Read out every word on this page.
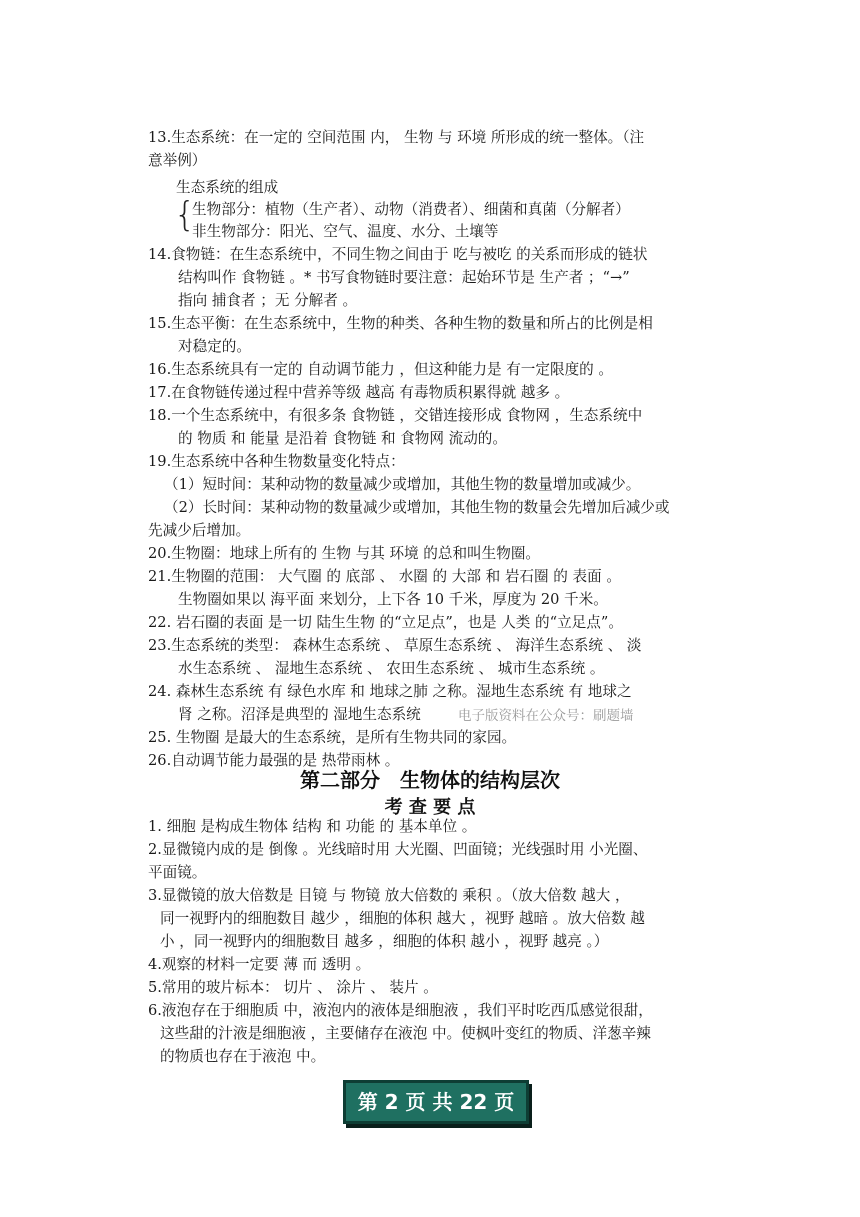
13.生态系统：在一定的 空间范围 内， 生物 与 环境 所形成的统一整体。（注
意举例）
生态系统的组成
{
生物部分：植物（生产者）、动物（消费者）、细菌和真菌（分解者）
非生物部分：阳光、空气、温度、水分、土壤等
14.食物链：在生态系统中，不同生物之间由于 吃与被吃 的关系而形成的链状
结构叫作 食物链 。* 书写食物链时要注意：起始环节是 生产者 ；“→”
指向 捕食者 ；无 分解者 。
15.生态平衡：在生态系统中，生物的种类、各种生物的数量和所占的比例是相
对稳定的。
16.生态系统具有一定的 自动调节能力 ，但这种能力是 有一定限度的 。
17.在食物链传递过程中营养等级 越高 有毒物质积累得就 越多 。
18.一个生态系统中，有很多条 食物链 ，交错连接形成 食物网 ，生态系统中
的 物质 和 能量 是沿着 食物链 和 食物网 流动的。
19.生态系统中各种生物数量变化特点：
（1）短时间：某种动物的数量减少或增加，其他生物的数量增加或减少。
（2）长时间：某种动物的数量减少或增加，其他生物的数量会先增加后减少或
先减少后增加。
20.生物圈：地球上所有的 生物 与其 环境 的总和叫生物圈。
21.生物圈的范围： 大气圈 的 底部 、 水圈 的 大部 和 岩石圈 的 表面 。
生物圈如果以 海平面 来划分，上下各 10 千米，厚度为 20 千米。
22. 岩石圈的表面 是一切 陆生生物 的“立足点”，也是 人类 的“立足点”。
23.生态系统的类型： 森林生态系统 、 草原生态系统 、 海洋生态系统 、 淡
水生态系统 、 湿地生态系统 、 农田生态系统 、 城市生态系统 。
24. 森林生态系统 有 绿色水库 和 地球之肺 之称。湿地生态系统 有 地球之
肾 之称。沼泽是典型的 湿地生态系统
25. 生物圈 是最大的生态系统，是所有生物共同的家园。
26.自动调节能力最强的是 热带雨林 。
电子版资料在公众号：刷题墙
第二部分　生物体的结构层次
考 查 要 点
1. 细胞 是构成生物体 结构 和 功能 的 基本单位 。
2.显微镜内成的是 倒像 。光线暗时用 大光圈、凹面镜；光线强时用 小光圈、
平面镜。
3.显微镜的放大倍数是 目镜 与 物镜 放大倍数的 乘积 。（放大倍数 越大 ，
同一视野内的细胞数目 越少 ，细胞的体积 越大 ，视野 越暗 。放大倍数 越
小 ，同一视野内的细胞数目 越多 ，细胞的体积 越小 ，视野 越亮 。）
4.观察的材料一定要 薄 而 透明 。
5.常用的玻片标本： 切片 、 涂片 、 装片 。
6.液泡存在于细胞质 中，液泡内的液体是细胞液 ，我们平时吃西瓜感觉很甜，
这些甜的汁液是细胞液 ，主要储存在液泡 中。使枫叶变红的物质、洋葱辛辣
的物质也存在于液泡 中。
第 2 页 共 22 页
